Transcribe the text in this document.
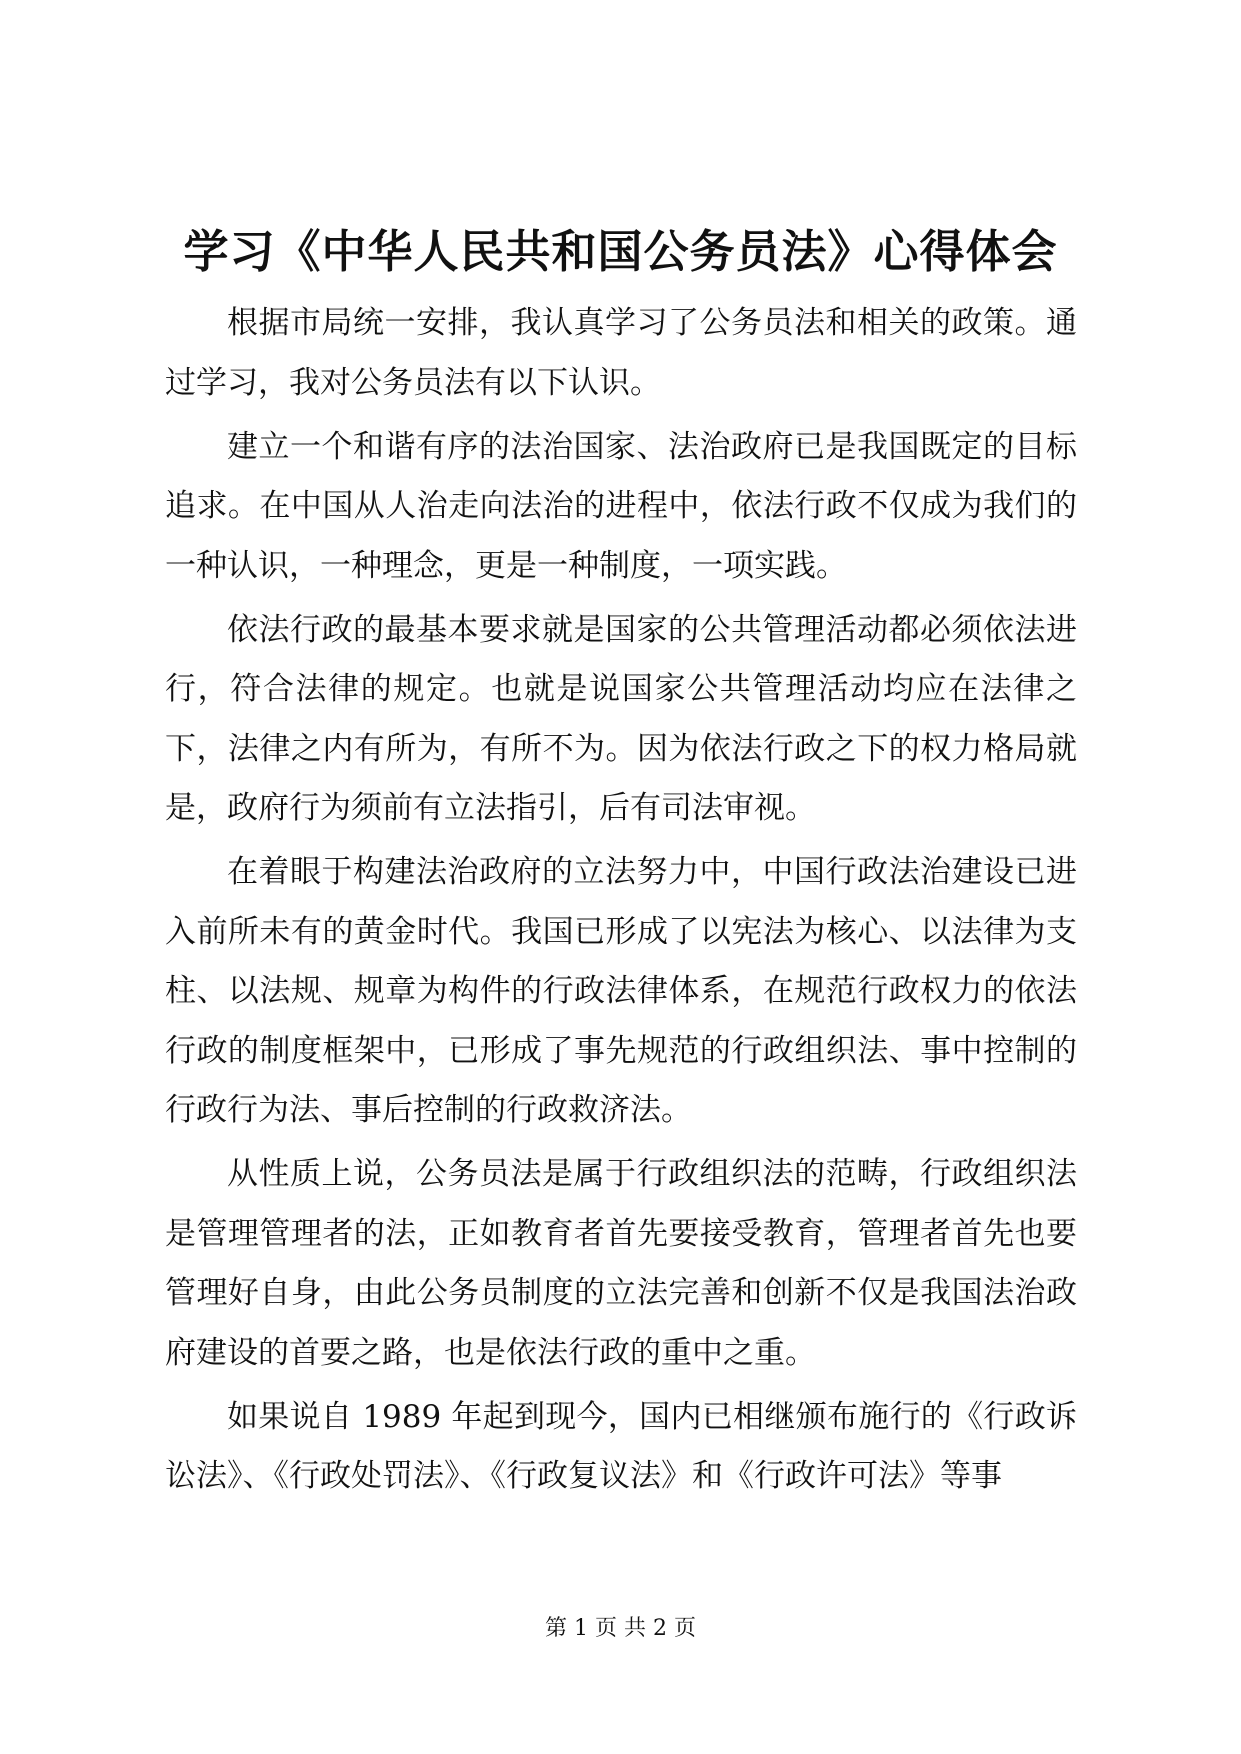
学习《中华人民共和国公务员法》心得体会

根据市局统一安排，我认真学习了公务员法和相关的政策。通过学习，我对公务员法有以下认识。

建立一个和谐有序的法治国家、法治政府已是我国既定的目标追求。在中国从人治走向法治的进程中，依法行政不仅成为我们的一种认识，一种理念，更是一种制度，一项实践。

依法行政的最基本要求就是国家的公共管理活动都必须依法进行，符合法律的规定。也就是说国家公共管理活动均应在法律之下，法律之内有所为，有所不为。因为依法行政之下的权力格局就是，政府行为须前有立法指引，后有司法审视。

在着眼于构建法治政府的立法努力中，中国行政法治建设已进入前所未有的黄金时代。我国已形成了以宪法为核心、以法律为支柱、以法规、规章为构件的行政法律体系，在规范行政权力的依法行政的制度框架中，已形成了事先规范的行政组织法、事中控制的行政行为法、事后控制的行政救济法。

从性质上说，公务员法是属于行政组织法的范畴，行政组织法是管理管理者的法，正如教育者首先要接受教育，管理者首先也要管理好自身，由此公务员制度的立法完善和创新不仅是我国法治政府建设的首要之路，也是依法行政的重中之重。

如果说自 1989 年起到现今，国内已相继颁布施行的《行政诉讼法》、《行政处罚法》、《行政复议法》和《行政许可法》等事

第 1 页 共 2 页
